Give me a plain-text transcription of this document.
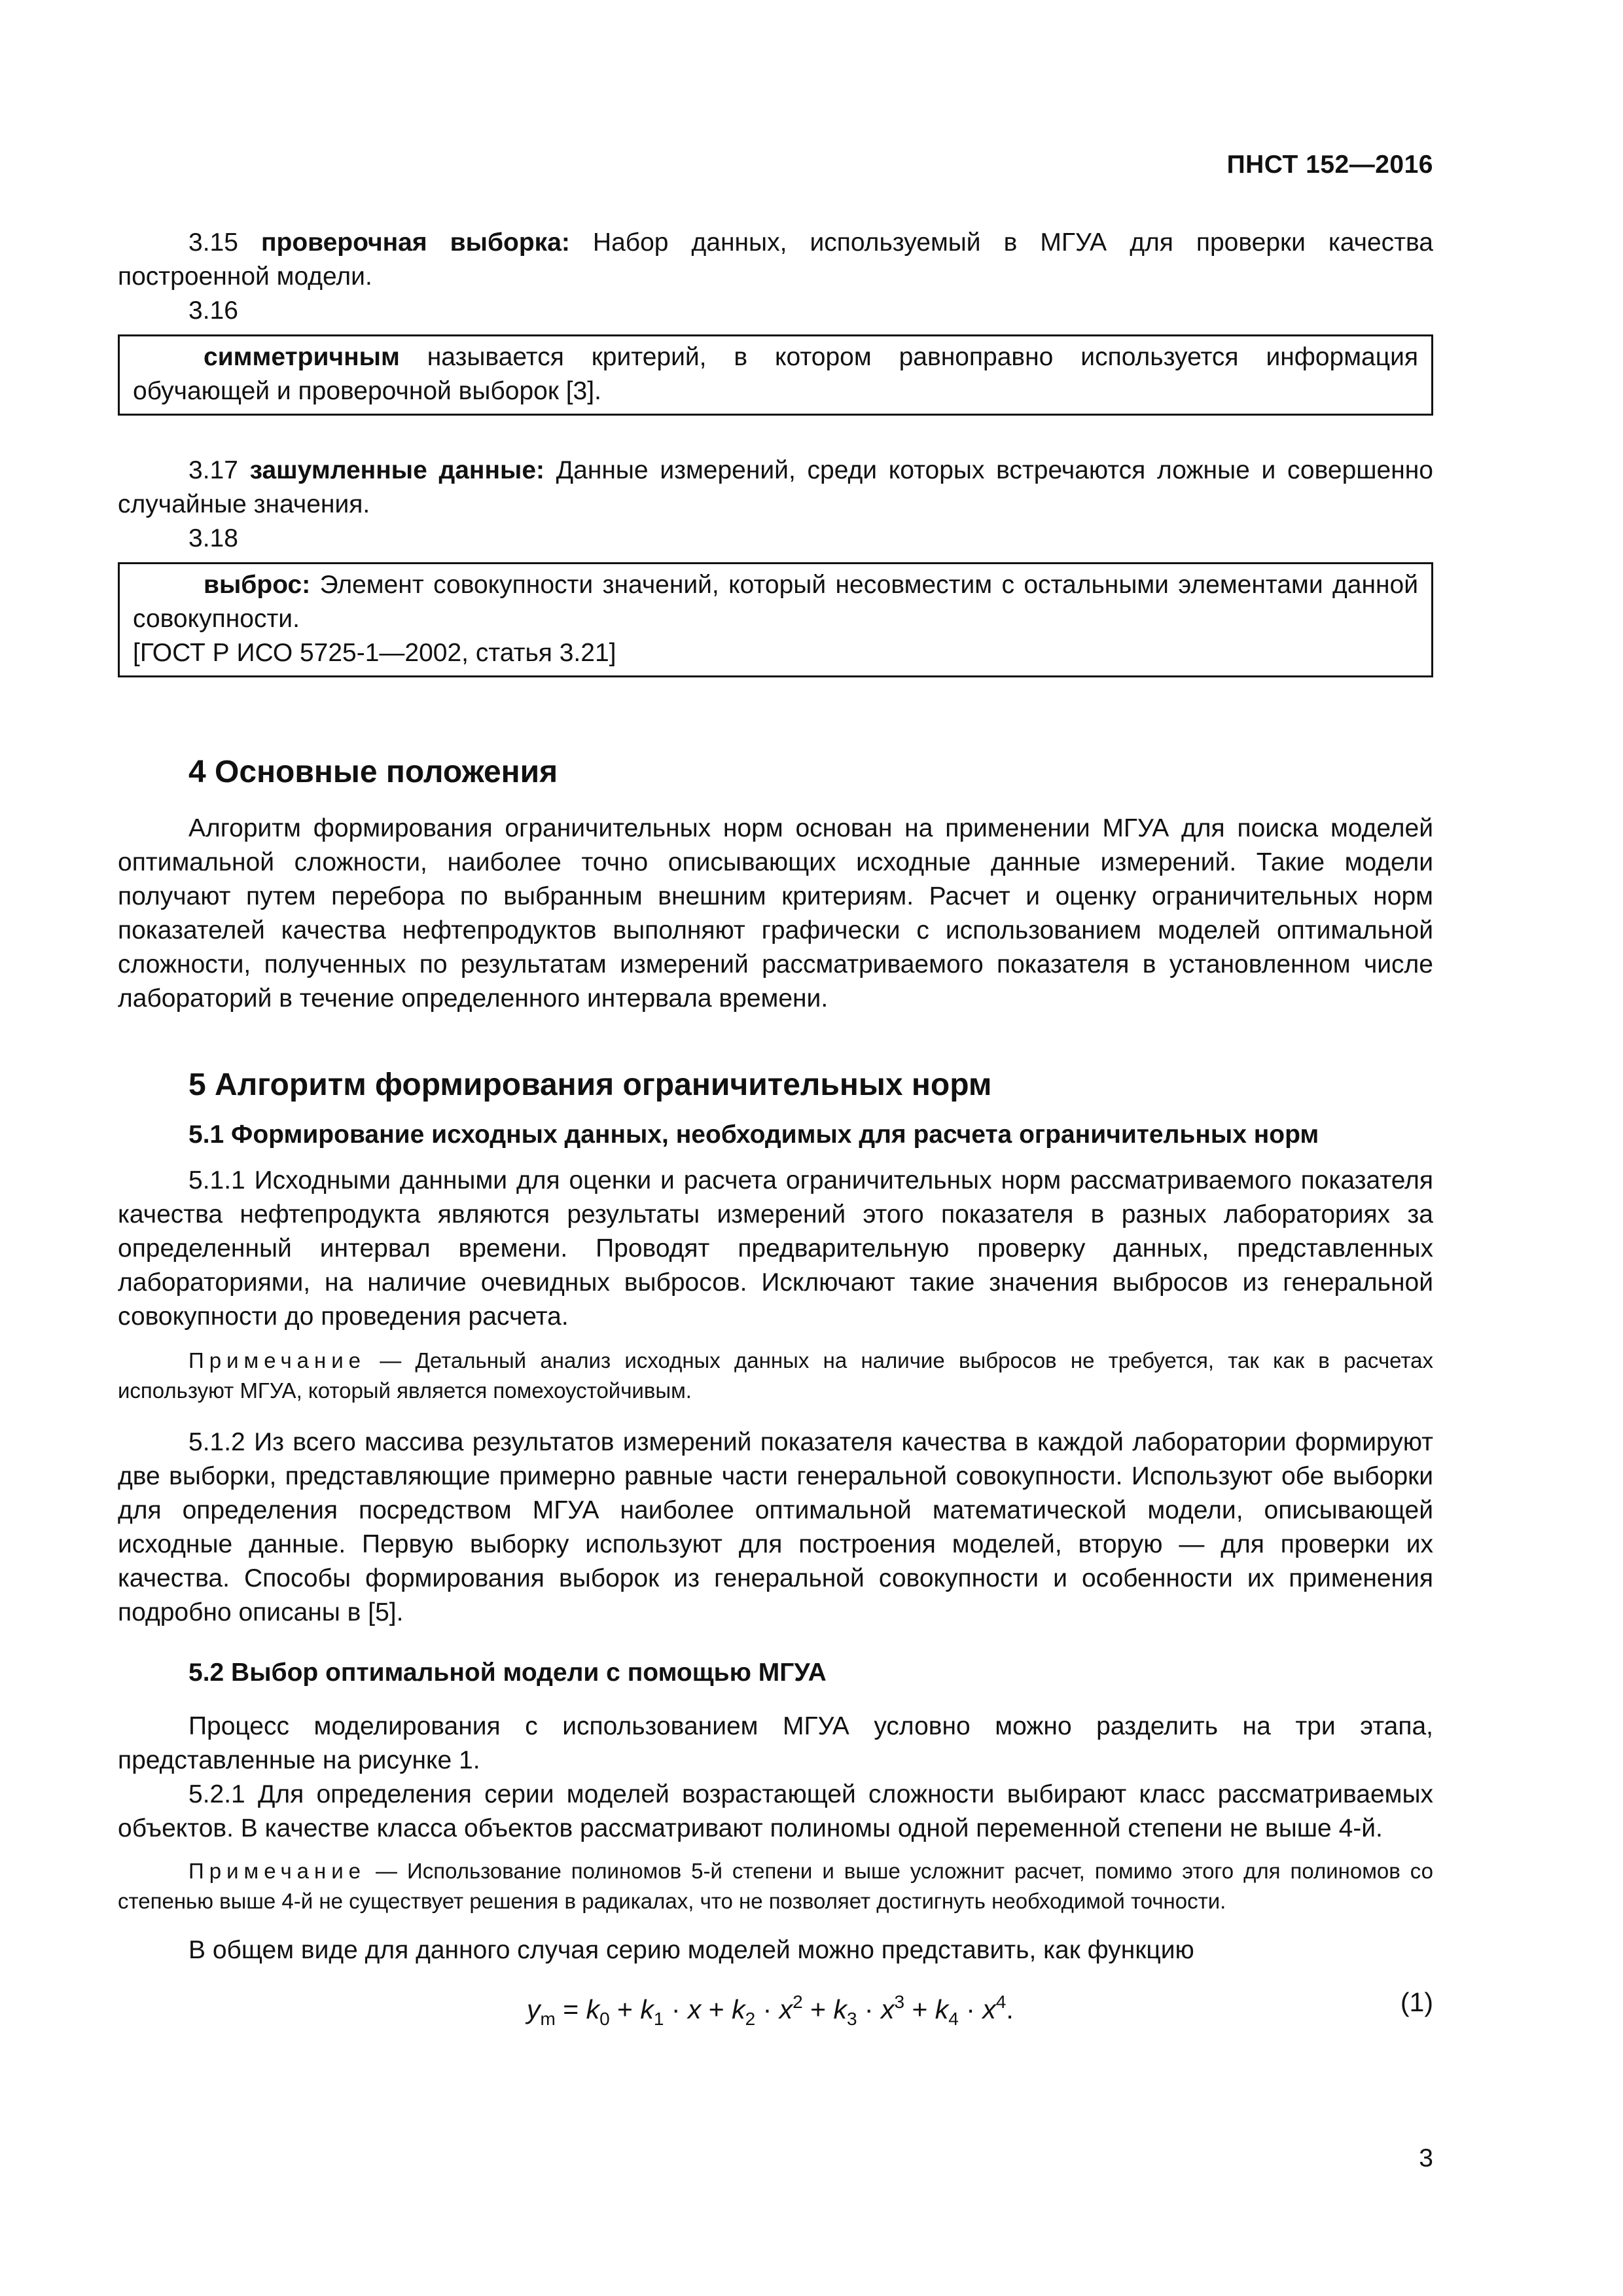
ПНСТ 152—2016

3.15 проверочная выборка: Набор данных, используемый в МГУА для проверки качества построенной модели.

3.16

симметричным называется критерий, в котором равноправно используется информация обучающей и проверочной выборок [3].

3.17 зашумленные данные: Данные измерений, среди которых встречаются ложные и совершенно случайные значения.

3.18

выброс: Элемент совокупности значений, который несовместим с остальными элементами данной совокупности.

[ГОСТ Р ИСО 5725-1—2002, статья 3.21]

4 Основные положения

Алгоритм формирования ограничительных норм основан на применении МГУА для поиска моделей оптимальной сложности, наиболее точно описывающих исходные данные измерений. Такие модели получают путем перебора по выбранным внешним критериям. Расчет и оценку ограничительных норм показателей качества нефтепродуктов выполняют графически с использованием моделей оптимальной сложности, полученных по результатам измерений рассматриваемого показателя в установленном числе лабораторий в течение определенного интервала времени.

5 Алгоритм формирования ограничительных норм
5.1 Формирование исходных данных, необходимых для расчета ограничительных норм

5.1.1 Исходными данными для оценки и расчета ограничительных норм рассматриваемого показателя качества нефтепродукта являются результаты измерений этого показателя в разных лабораториях за определенный интервал времени. Проводят предварительную проверку данных, представленных лабораториями, на наличие очевидных выбросов. Исключают такие значения выбросов из генеральной совокупности до проведения расчета.

Примечание — Детальный анализ исходных данных на наличие выбросов не требуется, так как в расчетах используют МГУА, который является помехоустойчивым.

5.1.2 Из всего массива результатов измерений показателя качества в каждой лаборатории формируют две выборки, представляющие примерно равные части генеральной совокупности. Используют обе выборки для определения посредством МГУА наиболее оптимальной математической модели, описывающей исходные данные. Первую выборку используют для построения моделей, вторую — для проверки их качества. Способы формирования выборок из генеральной совокупности и особенности их применения подробно описаны в [5].

5.2 Выбор оптимальной модели с помощью МГУА

Процесс моделирования с использованием МГУА условно можно разделить на три этапа, представленные на рисунке 1.

5.2.1 Для определения серии моделей возрастающей сложности выбирают класс рассматриваемых объектов. В качестве класса объектов рассматривают полиномы одной переменной степени не выше 4-й.

Примечание — Использование полиномов 5-й степени и выше усложнит расчет, помимо этого для полиномов со степенью выше 4-й не существует решения в радикалах, что не позволяет достигнуть необходимой точности.

В общем виде для данного случая серию моделей можно представить, как функцию

$y_m = k_0 + k_1 \cdot x + k_2 \cdot x^2 + k_3 \cdot x^3 + k_4 \cdot x^4$.	(1)
3
